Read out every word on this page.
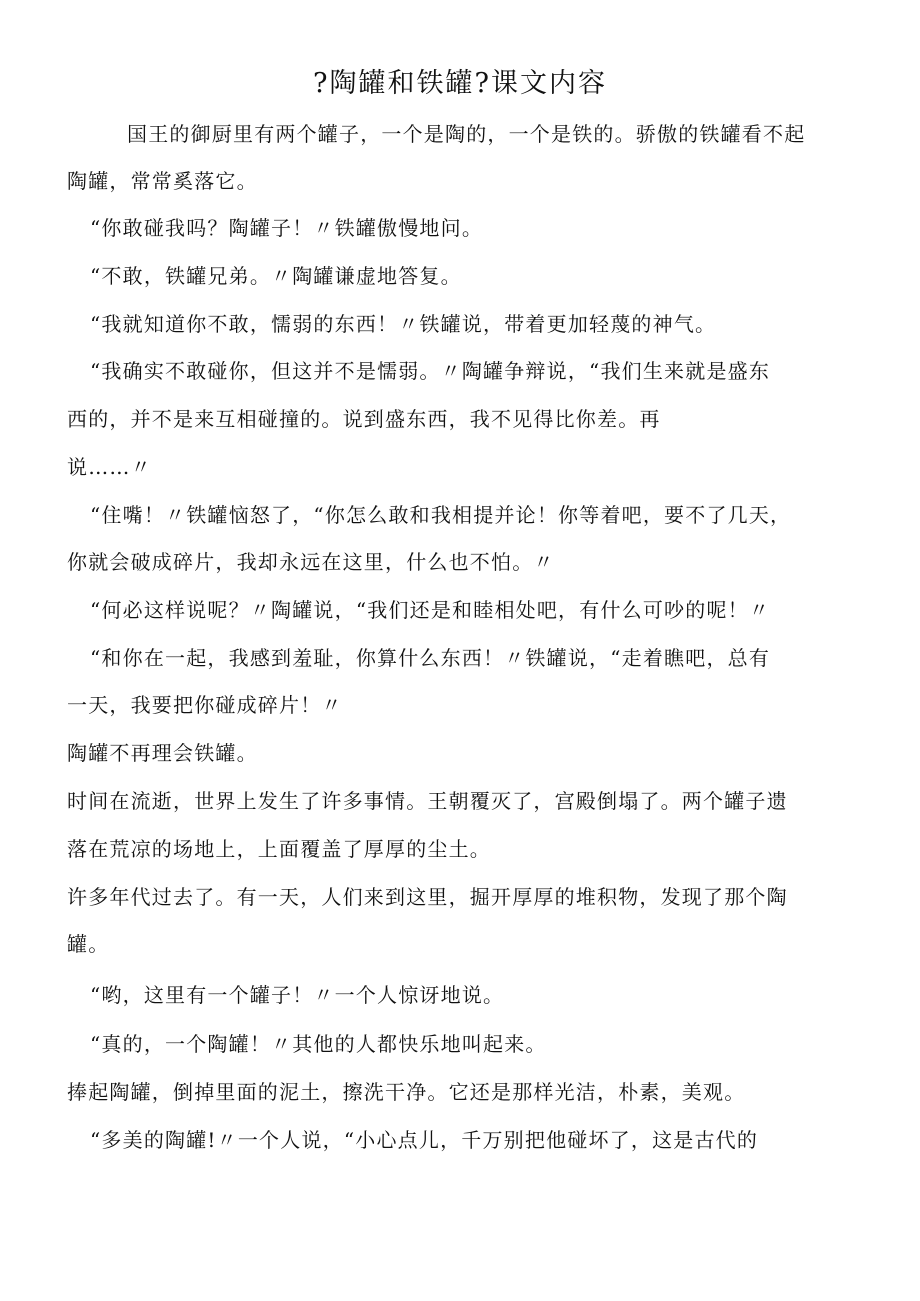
?陶罐和铁罐?课文内容
国王的御厨里有两个罐子，一个是陶的，一个是铁的。骄傲的铁罐看不起
陶罐，常常奚落它。
“你敢碰我吗？陶罐子！〃铁罐傲慢地问。
“不敢，铁罐兄弟。〃陶罐谦虚地答复。
“我就知道你不敢，懦弱的东西！〃铁罐说，带着更加轻蔑的神气。
“我确实不敢碰你，但这并不是懦弱。〃陶罐争辩说，“我们生来就是盛东
西的，并不是来互相碰撞的。说到盛东西，我不见得比你差。再
说……〃
“住嘴！〃铁罐恼怒了，“你怎么敢和我相提并论！你等着吧，要不了几天，
你就会破成碎片，我却永远在这里，什么也不怕。〃
“何必这样说呢？〃陶罐说，“我们还是和睦相处吧，有什么可吵的呢！〃
“和你在一起，我感到羞耻，你算什么东西！〃铁罐说，“走着瞧吧，总有
一天，我要把你碰成碎片！〃
陶罐不再理会铁罐。
时间在流逝，世界上发生了许多事情。王朝覆灭了，宫殿倒塌了。两个罐子遗
落在荒凉的场地上，上面覆盖了厚厚的尘土。
许多年代过去了。有一天，人们来到这里，掘开厚厚的堆积物，发现了那个陶
罐。
“哟，这里有一个罐子！〃一个人惊讶地说。
“真的，一个陶罐！〃其他的人都快乐地叫起来。
捧起陶罐，倒掉里面的泥土，擦洗干净。它还是那样光洁，朴素，美观。
“多美的陶罐!〃一个人说，“小心点儿，千万别把他碰坏了，这是古代的
